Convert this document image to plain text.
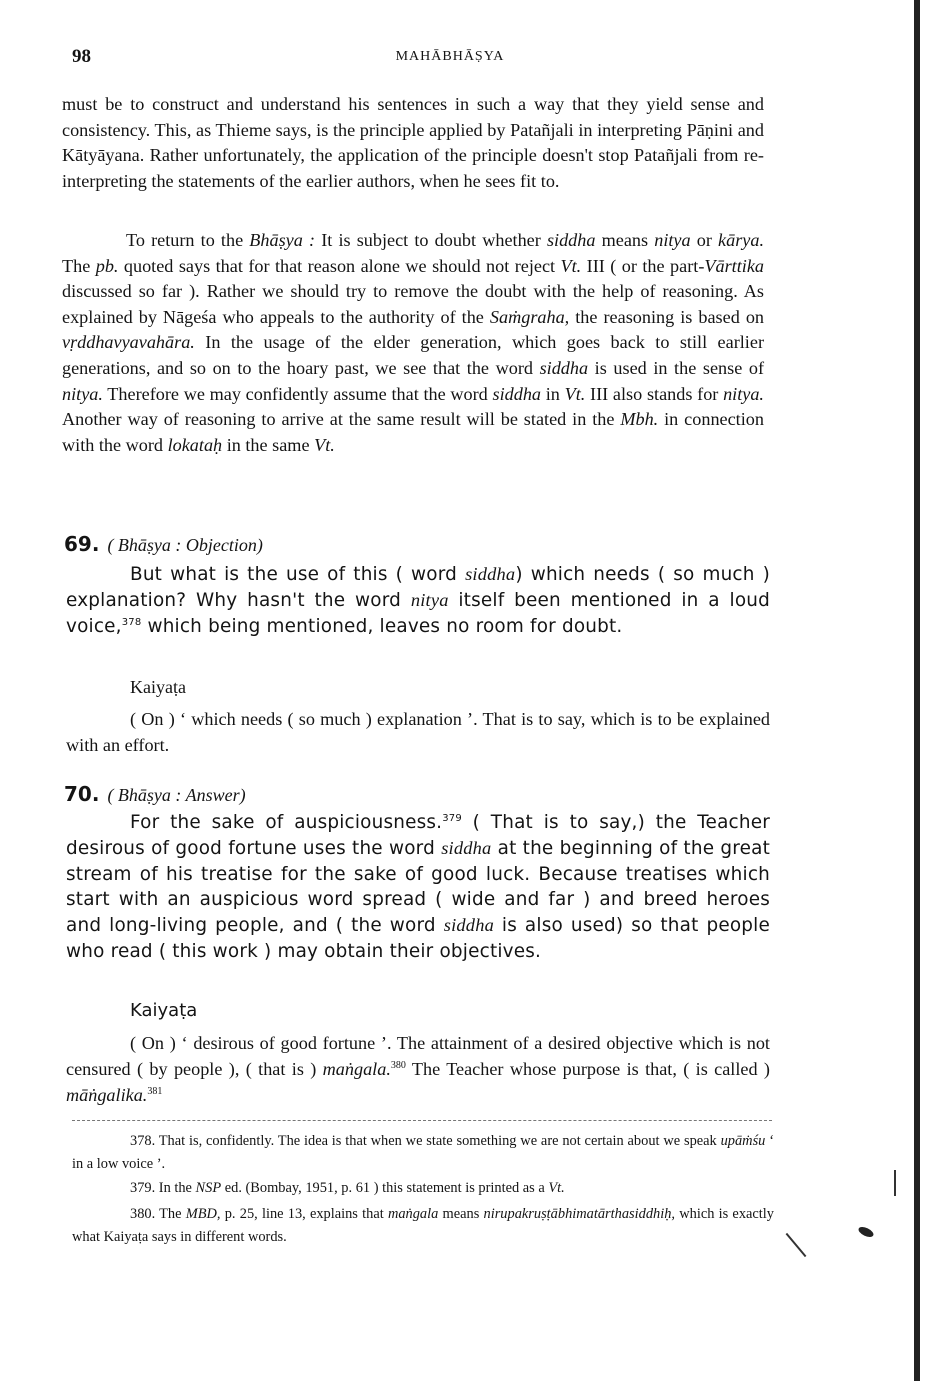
98	MAHĀBHĀṢYA

must be to construct and understand his sentences in such a way that they yield sense and consistency. This, as Thieme says, is the principle applied by Patañjali in interpreting Pāṇini and Kātyāyana. Rather unfortunately, the application of the principle doesn't stop Patañjali from re-interpreting the statements of the earlier authors, when he sees fit to.

To return to the Bhāṣya : It is subject to doubt whether siddha means nitya or kārya. The pb. quoted says that for that reason alone we should not reject Vt. III ( or the part-Vārttika discussed so far ). Rather we should try to remove the doubt with the help of reasoning. As explained by Nāgeśa who appeals to the authority of the Saṁgraha, the reasoning is based on vṛddhavyavahāra. In the usage of the elder generation, which goes back to still earlier generations, and so on to the hoary past, we see that the word siddha is used in the sense of nitya. Therefore we may confidently assume that the word siddha in Vt. III also stands for nitya. Another way of reasoning to arrive at the same result will be stated in the Mbh. in connection with the word lokataḥ in the same Vt.

69. ( Bhāṣya : Objection)

But what is the use of this ( word siddha) which needs ( so much ) explanation? Why hasn't the word nitya itself been mentioned in a loud voice,$^{378}$ which being mentioned, leaves no room for doubt.

Kaiyaṭa

( On ) ‘ which needs ( so much ) explanation ’. That is to say, which is to be explained with an effort.

70. ( Bhāṣya : Answer)

For the sake of auspiciousness.$^{379}$ ( That is to say,) the Teacher desirous of good fortune uses the word siddha at the beginning of the great stream of his treatise for the sake of good luck. Because treatises which start with an auspicious word spread ( wide and far ) and breed heroes and long-living people, and ( the word siddha is also used) so that people who read ( this work ) may obtain their objectives.

Kaiyaṭa

( On ) ‘ desirous of good fortune ’. The attainment of a desired objective which is not censured ( by people ), ( that is ) maṅgala.$^{380}$ The Teacher whose purpose is that, ( is called ) māṅgalika.$^{381}$

378. That is, confidently. The idea is that when we state something we are not certain about we speak upāṁśu ‘ in a low voice ’.

379. In the NSP ed. (Bombay, 1951, p. 61 ) this statement is printed as a Vt.

380. The MBD, p. 25, line 13, explains that maṅgala means nirupakruṣṭābhimatārthasiddhiḥ, which is exactly what Kaiyaṭa says in different words.
